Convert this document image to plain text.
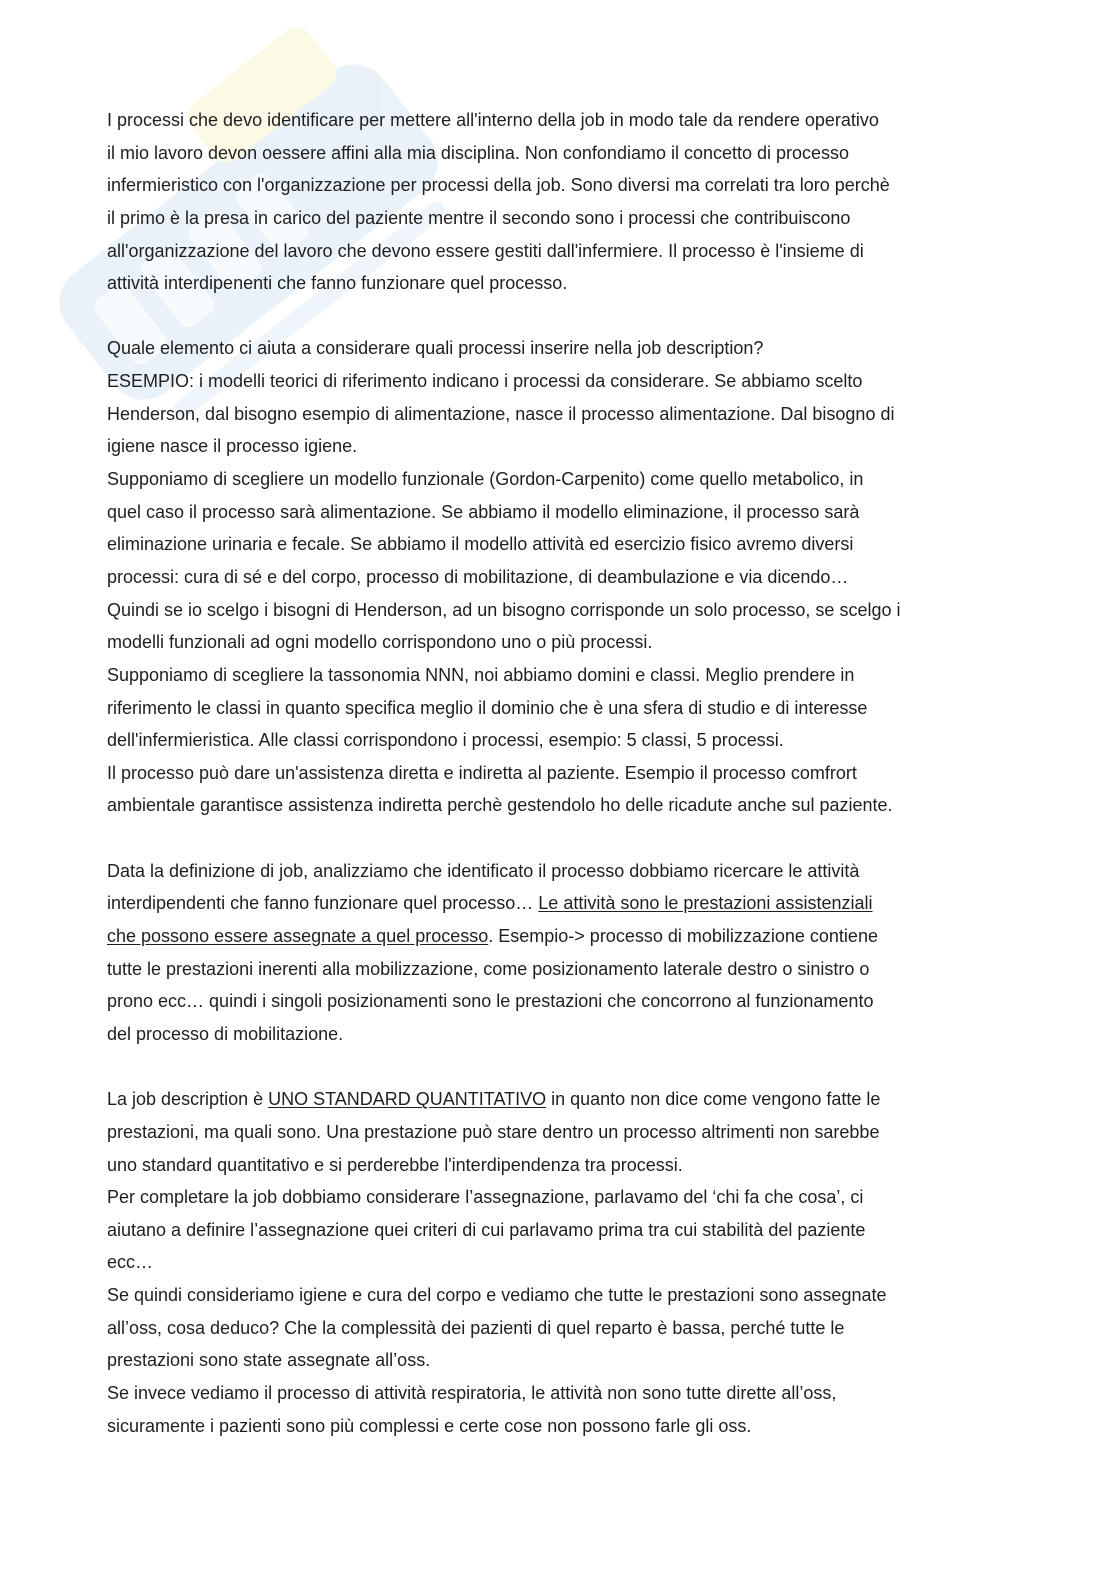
I processi che devo identificare per mettere all'interno della job in modo tale da rendere operativo
il mio lavoro devon oessere affini alla mia disciplina. Non confondiamo il concetto di processo
infermieristico con l'organizzazione per processi della job. Sono diversi ma correlati tra loro perchè
il primo è la presa in carico del paziente mentre il secondo sono i processi che contribuiscono
all'organizzazione del lavoro che devono essere gestiti dall'infermiere. Il processo è l'insieme di
attività interdipenenti che fanno funzionare quel processo.
Quale elemento ci aiuta a considerare quali processi inserire nella job description?
ESEMPIO: i modelli teorici di riferimento indicano i processi da considerare. Se abbiamo scelto
Henderson, dal bisogno esempio di alimentazione, nasce il processo alimentazione. Dal bisogno di
igiene nasce il processo igiene.
Supponiamo di scegliere un modello funzionale (Gordon-Carpenito) come quello metabolico, in
quel caso il processo sarà alimentazione. Se abbiamo il modello eliminazione, il processo sarà
eliminazione urinaria e fecale. Se abbiamo il modello attività ed esercizio fisico avremo diversi
processi: cura di sé e del corpo, processo di mobilitazione, di deambulazione e via dicendo…
Quindi se io scelgo i bisogni di Henderson, ad un bisogno corrisponde un solo processo, se scelgo i
modelli funzionali ad ogni modello corrispondono uno o più processi.
Supponiamo di scegliere la tassonomia NNN, noi abbiamo domini e classi. Meglio prendere in
riferimento le classi in quanto specifica meglio il dominio che è una sfera di studio e di interesse
dell'infermieristica. Alle classi corrispondono i processi, esempio: 5 classi, 5 processi.
Il processo può dare un'assistenza diretta e indiretta al paziente. Esempio il processo comfrort
ambientale garantisce assistenza indiretta perchè gestendolo ho delle ricadute anche sul paziente.
Data la definizione di job, analizziamo che identificato il processo dobbiamo ricercare le attività
interdipendenti che fanno funzionare quel processo… Le attività sono le prestazioni assistenziali
che possono essere assegnate a quel processo. Esempio-> processo di mobilizzazione contiene
tutte le prestazioni inerenti alla mobilizzazione, come posizionamento laterale destro o sinistro o
prono ecc… quindi i singoli posizionamenti sono le prestazioni che concorrono al funzionamento
del processo di mobilitazione.
La job description è UNO STANDARD QUANTITATIVO in quanto non dice come vengono fatte le
prestazioni, ma quali sono. Una prestazione può stare dentro un processo altrimenti non sarebbe
uno standard quantitativo e si perderebbe l'interdipendenza tra processi.
Per completare la job dobbiamo considerare l’assegnazione, parlavamo del ‘chi fa che cosa’, ci
aiutano a definire l’assegnazione quei criteri di cui parlavamo prima tra cui stabilità del paziente
ecc…
Se quindi consideriamo igiene e cura del corpo e vediamo che tutte le prestazioni sono assegnate
all’oss, cosa deduco? Che la complessità dei pazienti di quel reparto è bassa, perché tutte le
prestazioni sono state assegnate all’oss.
Se invece vediamo il processo di attività respiratoria, le attività non sono tutte dirette all’oss,
sicuramente i pazienti sono più complessi e certe cose non possono farle gli oss.
